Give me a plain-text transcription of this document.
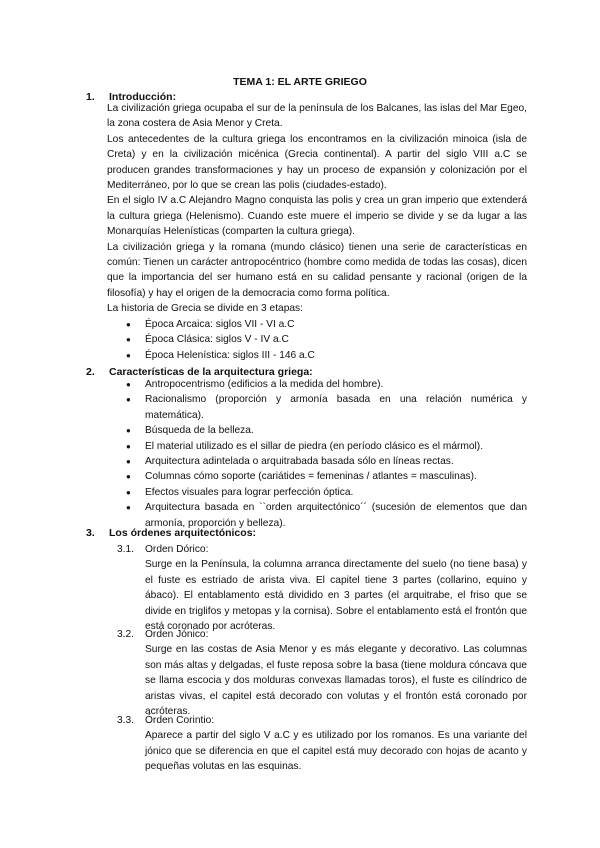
TEMA 1: EL ARTE GRIEGO
1. Introducción:

La civilización griega ocupaba el sur de la península de los Balcanes, las islas del Mar Egeo, la zona costera de Asia Menor y Creta.

Los antecedentes de la cultura griega los encontramos en la civilización minoica (isla de Creta) y en la civilización micénica (Grecia continental). A partir del siglo VIII a.C se producen grandes transformaciones y hay un proceso de expansión y colonización por el Mediterráneo, por lo que se crean las polis (ciudades-estado).

En el siglo IV a.C Alejandro Magno conquista las polis y crea un gran imperio que extenderá la cultura griega (Helenismo). Cuando este muere el imperio se divide y se da lugar a las Monarquías Helenísticas (comparten la cultura griega).

La civilización griega y la romana (mundo clásico) tienen una serie de características en común: Tienen un carácter antropocéntrico (hombre como medida de todas las cosas), dicen que la importancia del ser humano está en su calidad pensante y racional (origen de la filosofía) y hay el origen de la democracia como forma política.

La historia de Grecia se divide en 3 etapas:

● Época Arcaica: siglos VII - VI a.C
● Época Clásica: siglos V - IV a.C
● Época Helenística: siglos III - 146 a.C
2. Características de la arquitectura griega:
● Antropocentrismo (edificios a la medida del hombre).
● Racionalismo (proporción y armonía basada en una relación numérica y matemática).
● Búsqueda de la belleza.
● El material utilizado es el sillar de piedra (en período clásico es el mármol).
● Arquitectura adintelada o arquitrabada basada sólo en líneas rectas.
● Columnas cómo soporte (cariátides = femeninas / atlantes = masculinas).
● Efectos visuales para lograr perfección óptica.
● Arquitectura basada en ``orden arquitectónico´´ (sucesión de elementos que dan armonía, proporción y belleza).
3. Los órdenes arquitectónicos:
3.1. Orden Dórico:

Surge en la Península, la columna arranca directamente del suelo (no tiene basa) y el fuste es estriado de arista viva. El capitel tiene 3 partes (collarino, equino y ábaco). El entablamento está dividido en 3 partes (el arquitrabe, el friso que se divide en triglifos y metopas y la cornisa). Sobre el entablamento está el frontón que está coronado por acróteras.

3.2. Orden Jónico:

Surge en las costas de Asia Menor y es más elegante y decorativo. Las columnas son más altas y delgadas, el fuste reposa sobre la basa (tiene moldura cóncava que se llama escocia y dos molduras convexas llamadas toros), el fuste es cilíndrico de aristas vivas, el capitel está decorado con volutas y el frontón está coronado por acróteras.

3.3. Órden Corintio:

Aparece a partir del siglo V a.C y es utilizado por los romanos. Es una variante del jónico que se diferencia en que el capitel está muy decorado con hojas de acanto y pequeñas volutas en las esquinas.
